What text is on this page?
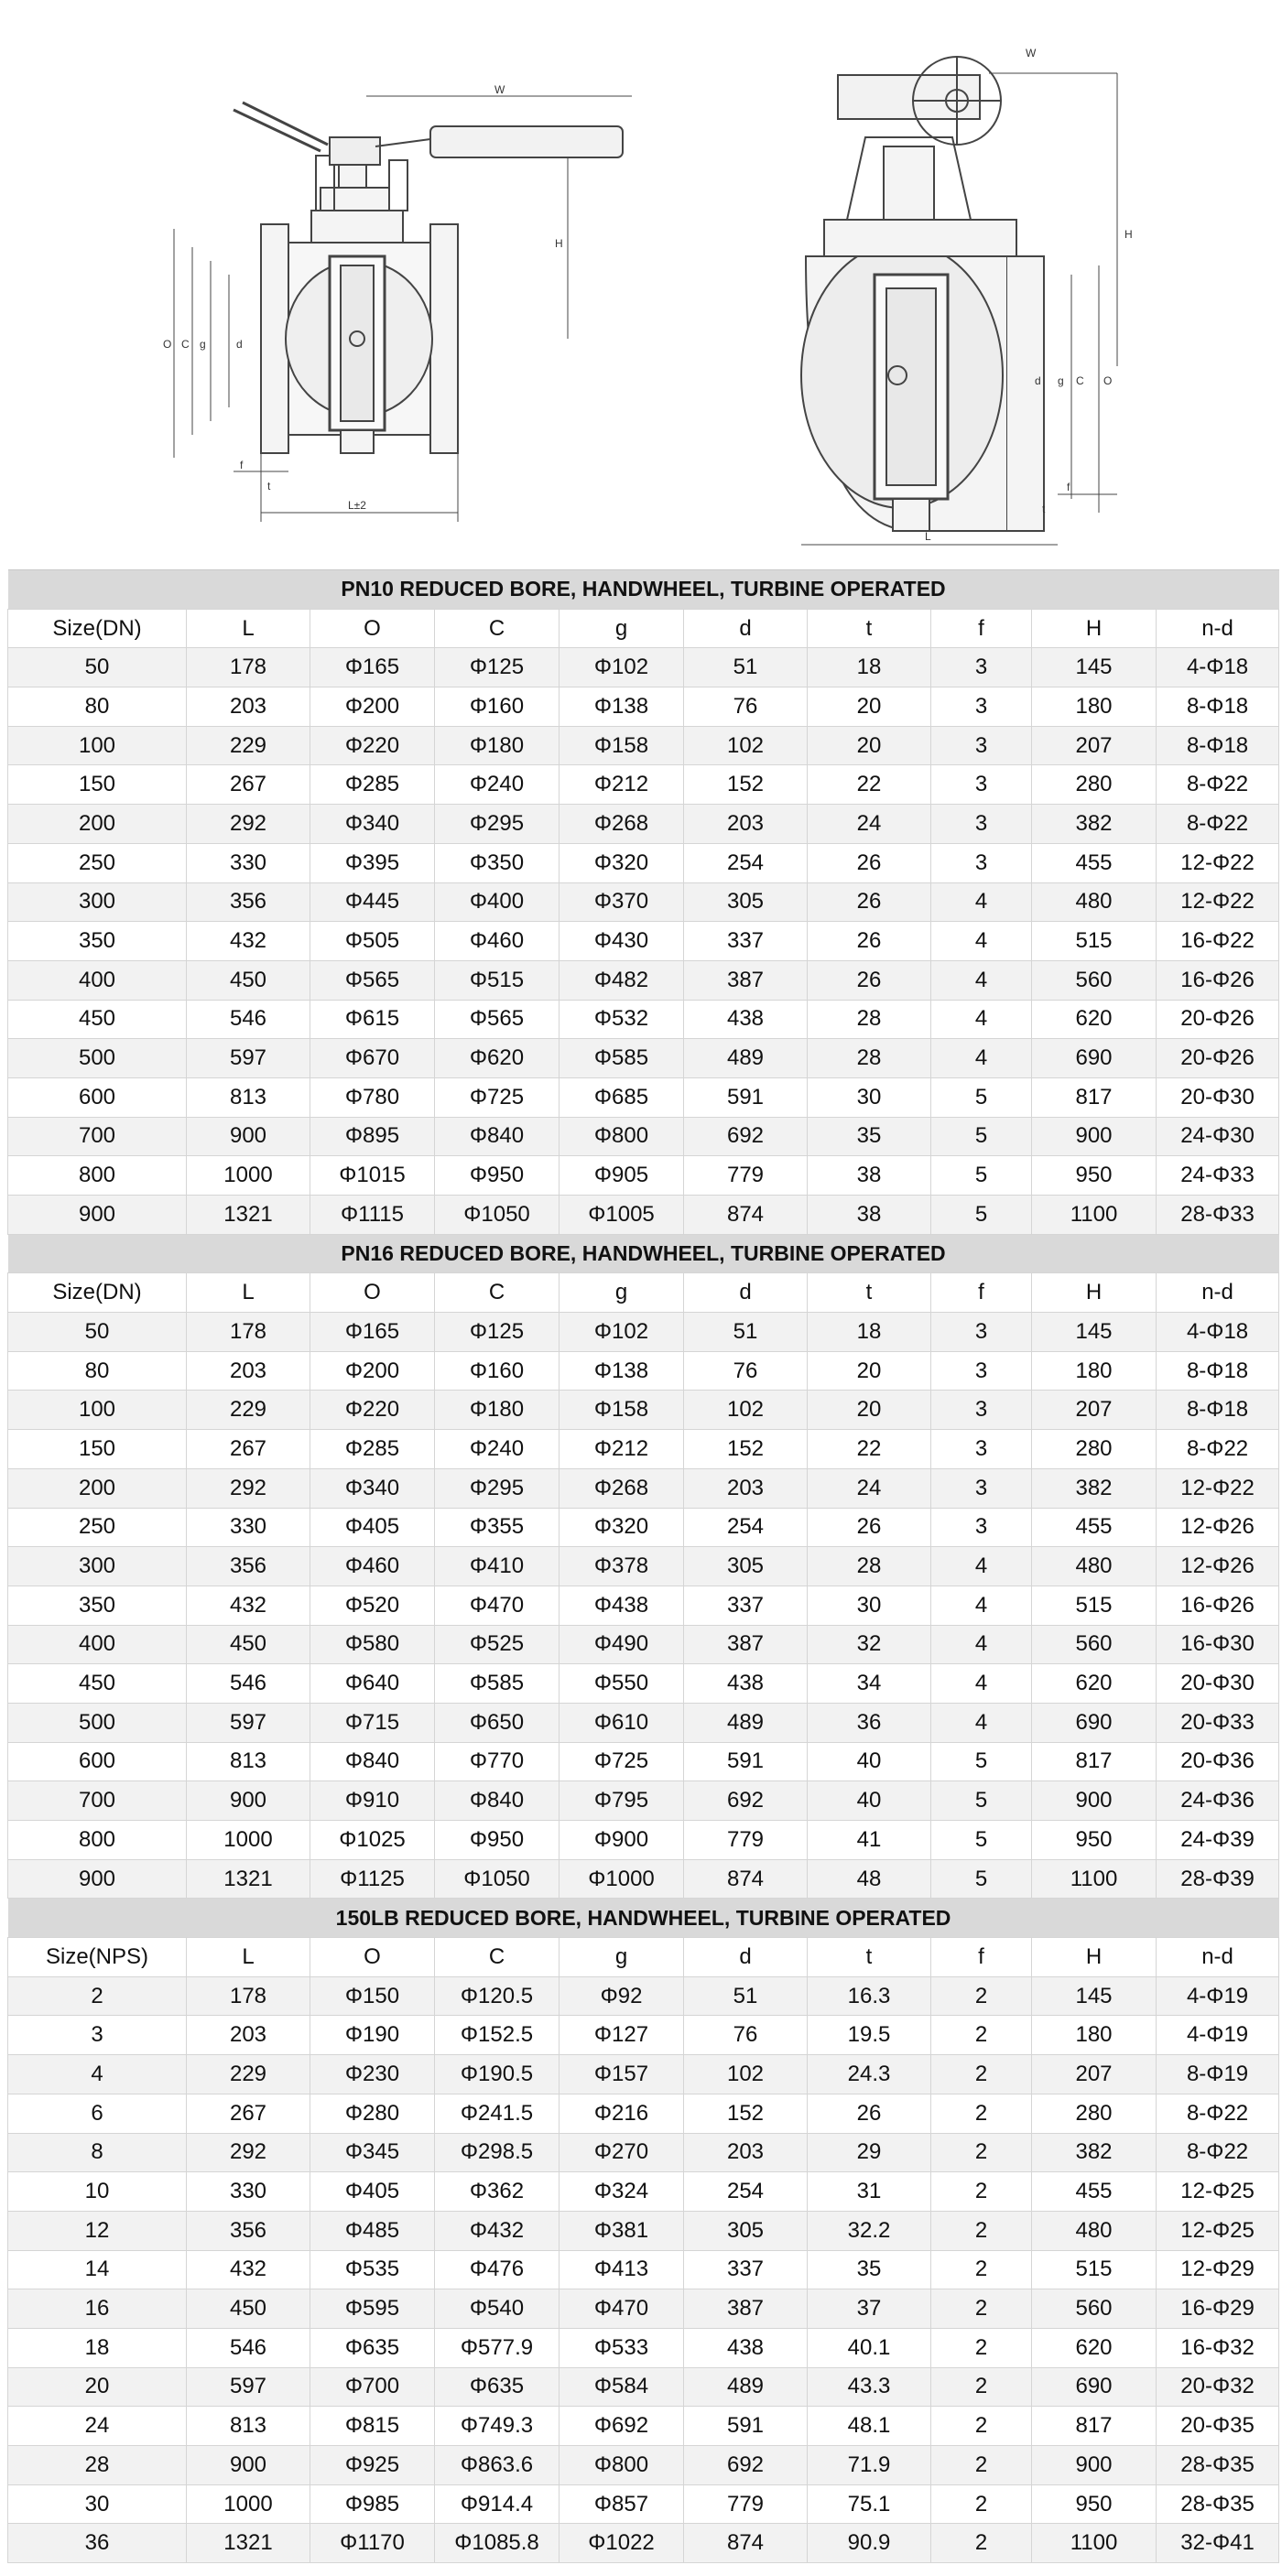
W
H
O C g	d
f
t
L±2
W
H
O
C
g
d
f
t
L
PN10 REDUCED BORE, HANDWHEEL, TURBINE OPERATED									
Size(DN)	L	O	C	g	d	t	f	H	n-d
50	178	Φ165	Φ125	Φ102	51	18	3	145	4-Φ18
80	203	Φ200	Φ160	Φ138	76	20	3	180	8-Φ18
100	229	Φ220	Φ180	Φ158	102	20	3	207	8-Φ18
150	267	Φ285	Φ240	Φ212	152	22	3	280	8-Φ22
200	292	Φ340	Φ295	Φ268	203	24	3	382	8-Φ22
250	330	Φ395	Φ350	Φ320	254	26	3	455	12-Φ22
300	356	Φ445	Φ400	Φ370	305	26	4	480	12-Φ22
350	432	Φ505	Φ460	Φ430	337	26	4	515	16-Φ22
400	450	Φ565	Φ515	Φ482	387	26	4	560	16-Φ26
450	546	Φ615	Φ565	Φ532	438	28	4	620	20-Φ26
500	597	Φ670	Φ620	Φ585	489	28	4	690	20-Φ26
600	813	Φ780	Φ725	Φ685	591	30	5	817	20-Φ30
700	900	Φ895	Φ840	Φ800	692	35	5	900	24-Φ30
800	1000	Φ1015	Φ950	Φ905	779	38	5	950	24-Φ33
900	1321	Φ1115	Φ1050	Φ1005	874	38	5	1100	28-Φ33
PN16 REDUCED BORE, HANDWHEEL, TURBINE OPERATED									
Size(DN)	L	O	C	g	d	t	f	H	n-d
50	178	Φ165	Φ125	Φ102	51	18	3	145	4-Φ18
80	203	Φ200	Φ160	Φ138	76	20	3	180	8-Φ18
100	229	Φ220	Φ180	Φ158	102	20	3	207	8-Φ18
150	267	Φ285	Φ240	Φ212	152	22	3	280	8-Φ22
200	292	Φ340	Φ295	Φ268	203	24	3	382	12-Φ22
250	330	Φ405	Φ355	Φ320	254	26	3	455	12-Φ26
300	356	Φ460	Φ410	Φ378	305	28	4	480	12-Φ26
350	432	Φ520	Φ470	Φ438	337	30	4	515	16-Φ26
400	450	Φ580	Φ525	Φ490	387	32	4	560	16-Φ30
450	546	Φ640	Φ585	Φ550	438	34	4	620	20-Φ30
500	597	Φ715	Φ650	Φ610	489	36	4	690	20-Φ33
600	813	Φ840	Φ770	Φ725	591	40	5	817	20-Φ36
700	900	Φ910	Φ840	Φ795	692	40	5	900	24-Φ36
800	1000	Φ1025	Φ950	Φ900	779	41	5	950	24-Φ39
900	1321	Φ1125	Φ1050	Φ1000	874	48	5	1100	28-Φ39
150LB REDUCED BORE, HANDWHEEL, TURBINE OPERATED									
Size(NPS)	L	O	C	g	d	t	f	H	n-d
2	178	Φ150	Φ120.5	Φ92	51	16.3	2	145	4-Φ19
3	203	Φ190	Φ152.5	Φ127	76	19.5	2	180	4-Φ19
4	229	Φ230	Φ190.5	Φ157	102	24.3	2	207	8-Φ19
6	267	Φ280	Φ241.5	Φ216	152	26	2	280	8-Φ22
8	292	Φ345	Φ298.5	Φ270	203	29	2	382	8-Φ22
10	330	Φ405	Φ362	Φ324	254	31	2	455	12-Φ25
12	356	Φ485	Φ432	Φ381	305	32.2	2	480	12-Φ25
14	432	Φ535	Φ476	Φ413	337	35	2	515	12-Φ29
16	450	Φ595	Φ540	Φ470	387	37	2	560	16-Φ29
18	546	Φ635	Φ577.9	Φ533	438	40.1	2	620	16-Φ32
20	597	Φ700	Φ635	Φ584	489	43.3	2	690	20-Φ32
24	813	Φ815	Φ749.3	Φ692	591	48.1	2	817	20-Φ35
28	900	Φ925	Φ863.6	Φ800	692	71.9	2	900	28-Φ35
30	1000	Φ985	Φ914.4	Φ857	779	75.1	2	950	28-Φ35
36	1321	Φ1170	Φ1085.8	Φ1022	874	90.9	2	1100	32-Φ41
